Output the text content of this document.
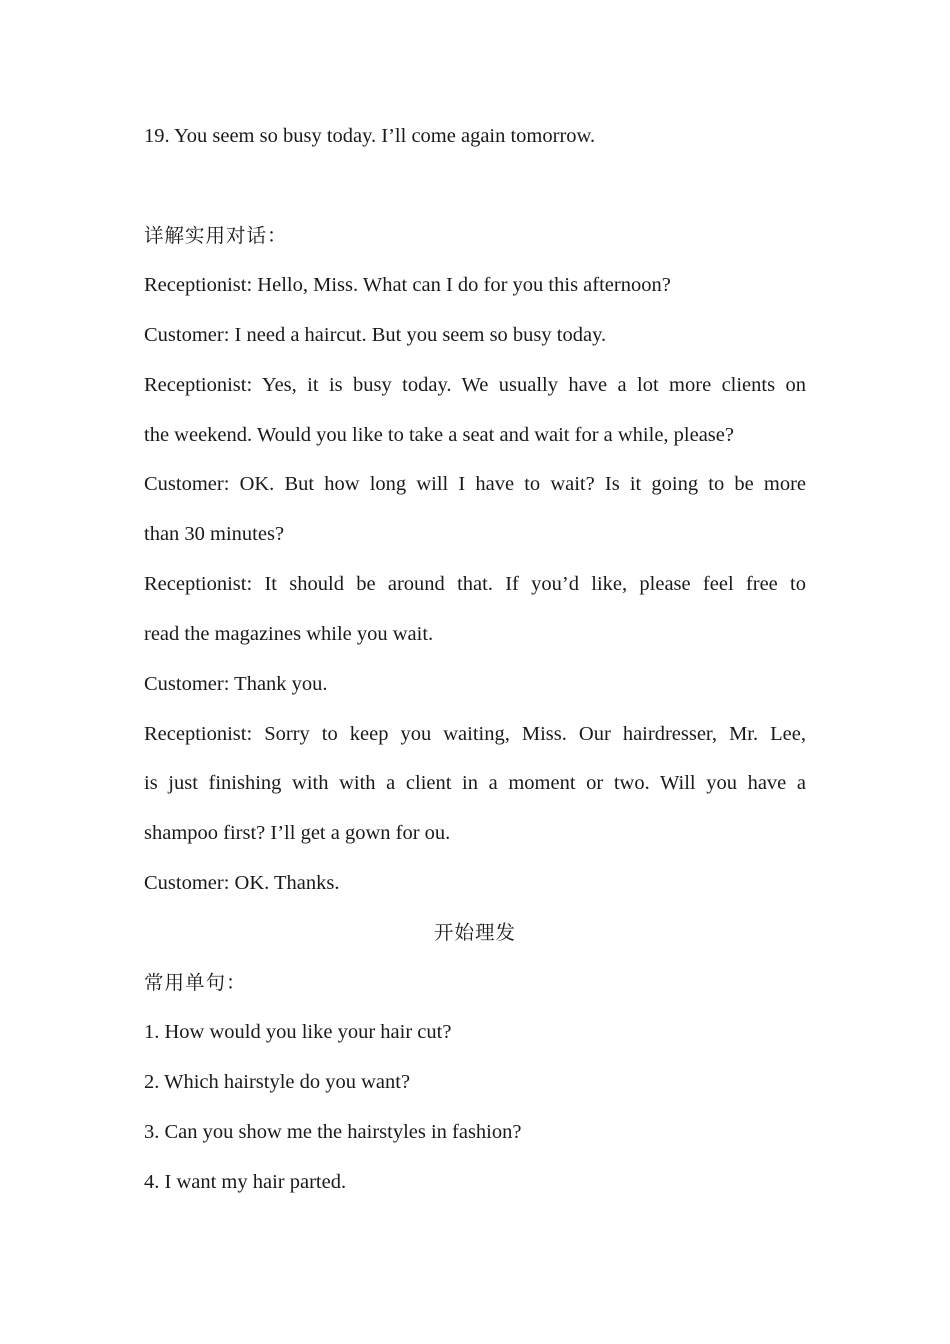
19. You seem so busy today. I’ll come again tomorrow.
详解实用对话：
Receptionist: Hello, Miss. What can I do for you this afternoon?
Customer: I need a haircut. But you seem so busy today.
Receptionist: Yes, it is busy today. We usually have a lot more clients on
the weekend. Would you like to take a seat and wait for a while, please?
Customer: OK. But how long will I have to wait? Is it going to be more
than 30 minutes?
Receptionist: It should be around that. If you’d like, please feel free to
read the magazines while you wait.
Customer: Thank you.
Receptionist: Sorry to keep you waiting, Miss. Our hairdresser, Mr. Lee,
is just finishing with with a client in a moment or two. Will you have a
shampoo first? I’ll get a gown for ou.
Customer: OK. Thanks.
开始理发
常用单句：
1. How would you like your hair cut?
2. Which hairstyle do you want?
3. Can you show me the hairstyles in fashion?
4. I want my hair parted.
